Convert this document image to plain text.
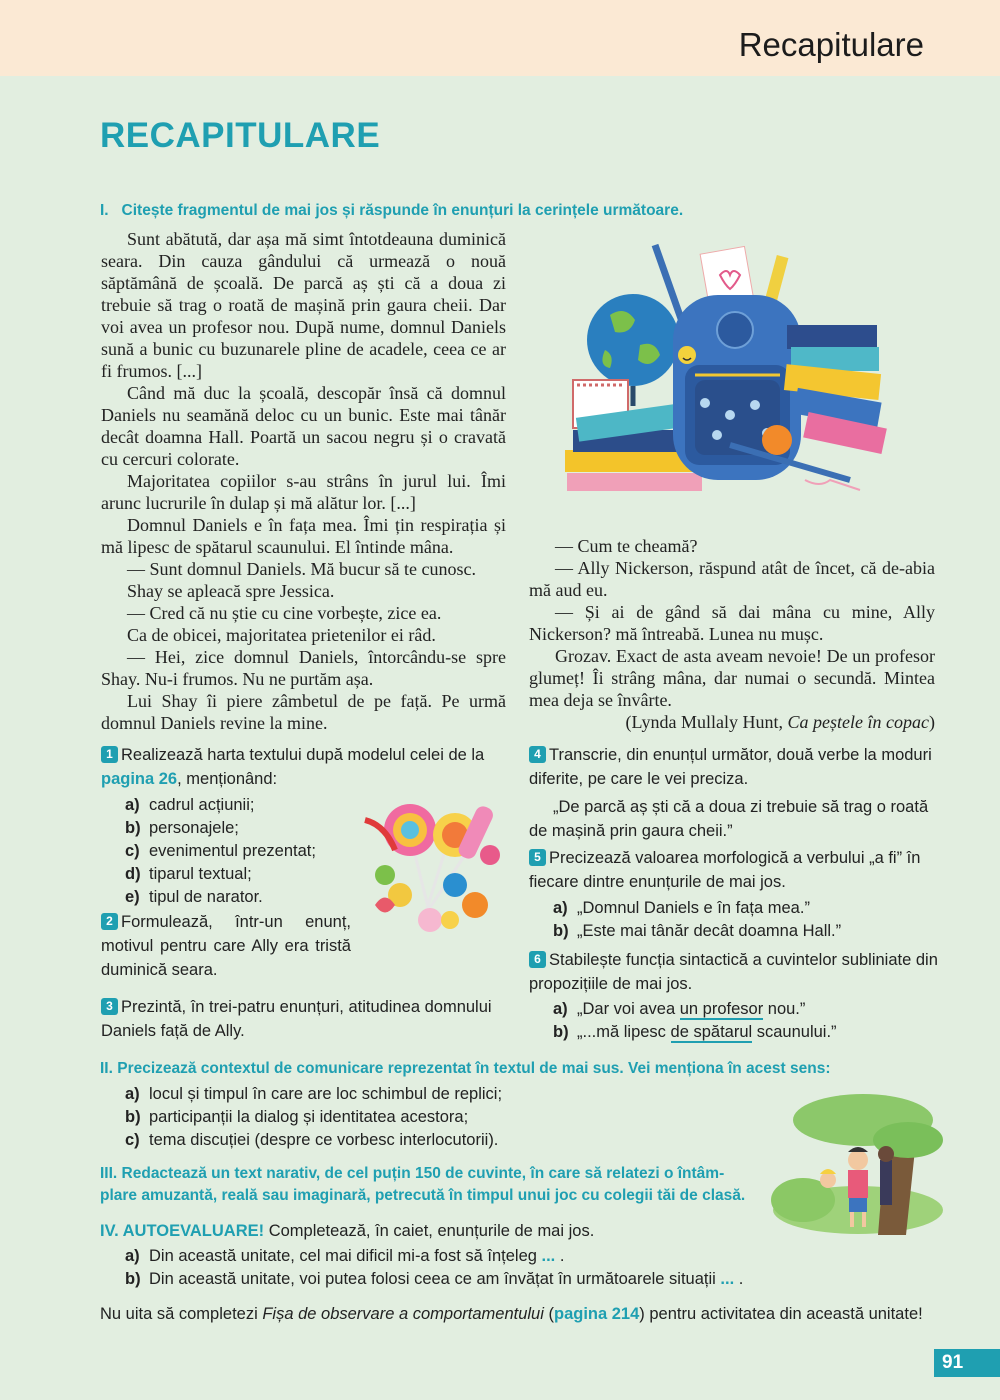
Recapitulare
RECAPITULARE
I. Citește fragmentul de mai jos și răspunde în enunțuri la cerințele următoare.

Sunt abătută, dar așa mă simt întotdeauna duminică seara. Din cauza gândului că urmează o nouă săptămână de școală. De parcă aș ști că a doua zi trebuie să trag o roată de mașină prin gaura cheii. Dar voi avea un profesor nou. După nume, domnul Daniels sună a bunic cu buzunarele pline de acadele, ceea ce ar fi frumos. [...]

Când mă duc la școală, descopăr însă că domnul Daniels nu seamănă deloc cu un bunic. Este mai tânăr decât doamna Hall. Poartă un sacou negru și o cravată cu cercuri colorate.

Majoritatea copiilor s-au strâns în jurul lui. Îmi arunc lucrurile în dulap și mă alătur lor. [...]

Domnul Daniels e în fața mea. Îmi țin respirația și mă lipesc de spătarul scaunului. El întinde mâna.

— Sunt domnul Daniels. Mă bucur să te cunosc.

Shay se apleacă spre Jessica.

— Cred că nu știe cu cine vorbește, zice ea.

Ca de obicei, majoritatea prietenilor ei râd.

— Hei, zice domnul Daniels, întorcându-se spre Shay. Nu-i frumos. Nu ne purtăm așa.

Lui Shay îi piere zâmbetul de pe față. Pe urmă domnul Daniels revine la mine.

— Cum te cheamă?

— Ally Nickerson, răspund atât de încet, că de-abia mă aud eu.

— Și ai de gând să dai mâna cu mine, Ally Nickerson? mă întreabă. Lunea nu mușc.

Grozav. Exact de asta aveam nevoie! De un profesor glumeț! Îi strâng mâna, dar numai o secundă. Mintea mea deja se învârte.

(Lynda Mullaly Hunt, Ca peștele în copac)

1 Realizează harta textului după modelul celei de la pagina 26, menționând:
a) cadrul acțiunii;
b) personajele;
c) evenimentul prezentat;
d) tiparul textual;
e) tipul de narator.
2 Formulează, într-un enunț, motivul pentru care Ally era tristă duminică seara.
3 Prezintă, în trei-patru enunțuri, atitudinea domnului Daniels față de Ally.
4 Transcrie, din enunțul următor, două verbe la moduri diferite, pe care le vei preciza.
„De parcă aș ști că a doua zi trebuie să trag o roată de mașină prin gaura cheii.”
5 Precizează valoarea morfologică a verbului „a fi” în fiecare dintre enunțurile de mai jos.
a) „Domnul Daniels e în fața mea.”
b) „Este mai tânăr decât doamna Hall.”
6 Stabilește funcția sintactică a cuvintelor subliniate din propozițiile de mai jos.
a) „Dar voi avea un profesor nou.”
b) „...mă lipesc de spătarul scaunului.”
II. Precizează contextul de comunicare reprezentat în textul de mai sus. Vei menționa în acest sens:
a) locul și timpul în care are loc schimbul de replici;
b) participanții la dialog și identitatea acestora;
c) tema discuției (despre ce vorbesc interlocutorii).
III. Redactează un text narativ, de cel puțin 150 de cuvinte, în care să relatezi o întâm-
plare amuzantă, reală sau imaginară, petrecută în timpul unui joc cu colegii tăi de clasă.
IV. AUTOEVALUARE! Completează, în caiet, enunțurile de mai jos.
a) Din această unitate, cel mai dificil mi-a fost să înțeleg ... .
b) Din această unitate, voi putea folosi ceea ce am învățat în următoarele situații ... .
Nu uita să completezi Fișa de observare a comportamentului (pagina 214) pentru activitatea din această unitate!
91
